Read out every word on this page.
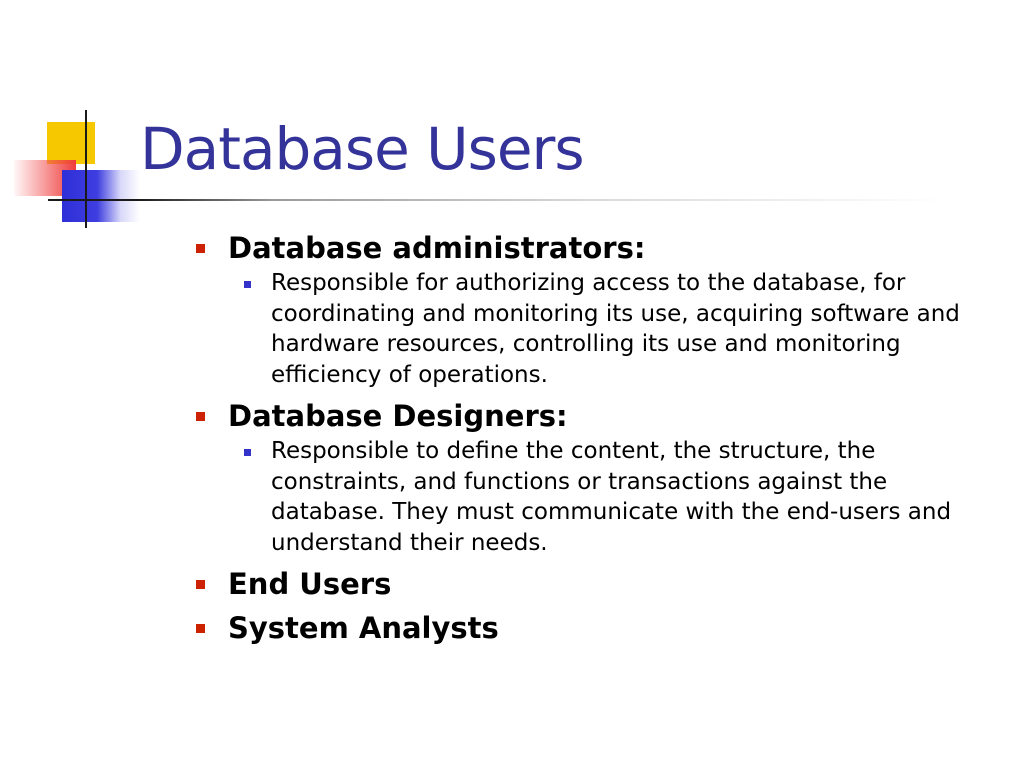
Database Users
Database administrators:
Responsible for authorizing access to the database, for coordinating and monitoring its use, acquiring software and hardware resources, controlling its use and monitoring efficiency of operations.
Database Designers:
Responsible to define the content, the structure, the constraints, and functions or transactions against the database. They must communicate with the end-users and understand their needs.
End Users
System Analysts
